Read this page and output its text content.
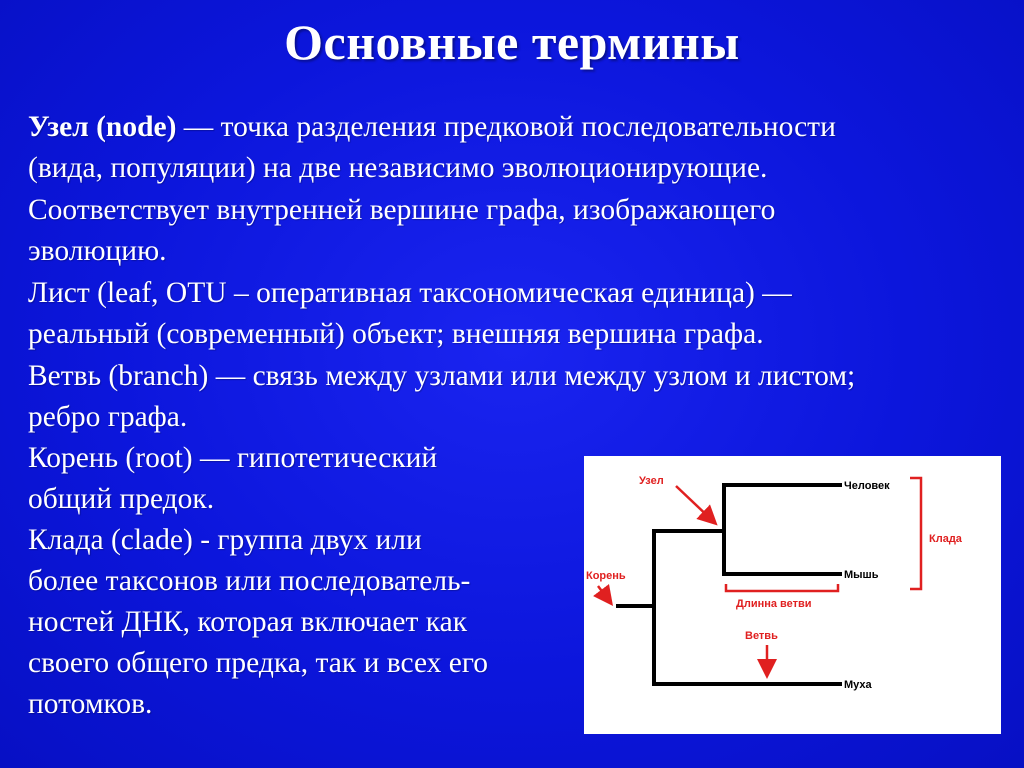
Основные термины
Узел (node) — точка разделения предковой последовательности
(вида, популяции) на две независимо эволюционирующие.
Соответствует внутренней вершине графа, изображающего
эволюцию.
Лист (leaf, OTU – оперативная таксономическая единица) —
реальный (современный) объект; внешняя вершина графа.
Ветвь (branch) — связь между узлами или между узлом и листом;
ребро графа.
Корень (root) — гипотетический
общий предок.
Клада (clade) - группа двух или
более таксонов или последователь-
ностей ДНК, которая включает как
своего общего предка, так и всех его
потомков.
Узел
Корень
Длинна ветви
Ветвь
Клада
Человек
Мышь
Муха
